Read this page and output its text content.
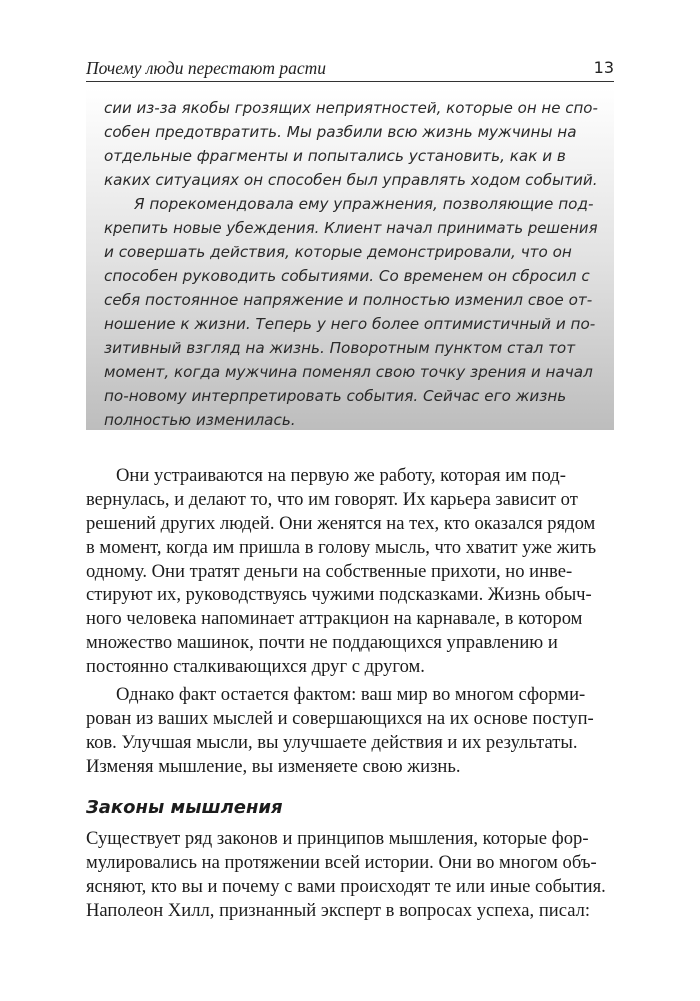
Почему люди перестают расти	13
сии из-за якобы грозящих неприятностей, которые он не спо-
собен предотвратить. Мы разбили всю жизнь мужчины на
отдельные фрагменты и попытались установить, как и в
каких ситуациях он способен был управлять ходом событий.
Я порекомендовала ему упражнения, позволяющие под-
крепить новые убеждения. Клиент начал принимать решения
и совершать действия, которые демонстрировали, что он
способен руководить событиями. Со временем он сбросил с
себя постоянное напряжение и полностью изменил свое от-
ношение к жизни. Теперь у него более оптимистичный и по-
зитивный взгляд на жизнь. Поворотным пунктом стал тот
момент, когда мужчина поменял свою точку зрения и начал
по-новому интерпретировать события. Сейчас его жизнь
полностью изменилась.
Они устраиваются на первую же работу, которая им под-
вернулась, и делают то, что им говорят. Их карьера зависит от
решений других людей. Они женятся на тех, кто оказался рядом
в момент, когда им пришла в голову мысль, что хватит уже жить
одному. Они тратят деньги на собственные прихоти, но инве-
стируют их, руководствуясь чужими подсказками. Жизнь обыч-
ного человека напоминает аттракцион на карнавале, в котором
множество машинок, почти не поддающихся управлению и
постоянно сталкивающихся друг с другом.
Однако факт остается фактом: ваш мир во многом сформи-
рован из ваших мыслей и совершающихся на их основе поступ-
ков. Улучшая мысли, вы улучшаете действия и их результаты.
Изменяя мышление, вы изменяете свою жизнь.
Законы мышления
Существует ряд законов и принципов мышления, которые фор-
мулировались на протяжении всей истории. Они во многом объ-
ясняют, кто вы и почему с вами происходят те или иные события.
Наполеон Хилл, признанный эксперт в вопросах успеха, писал:
